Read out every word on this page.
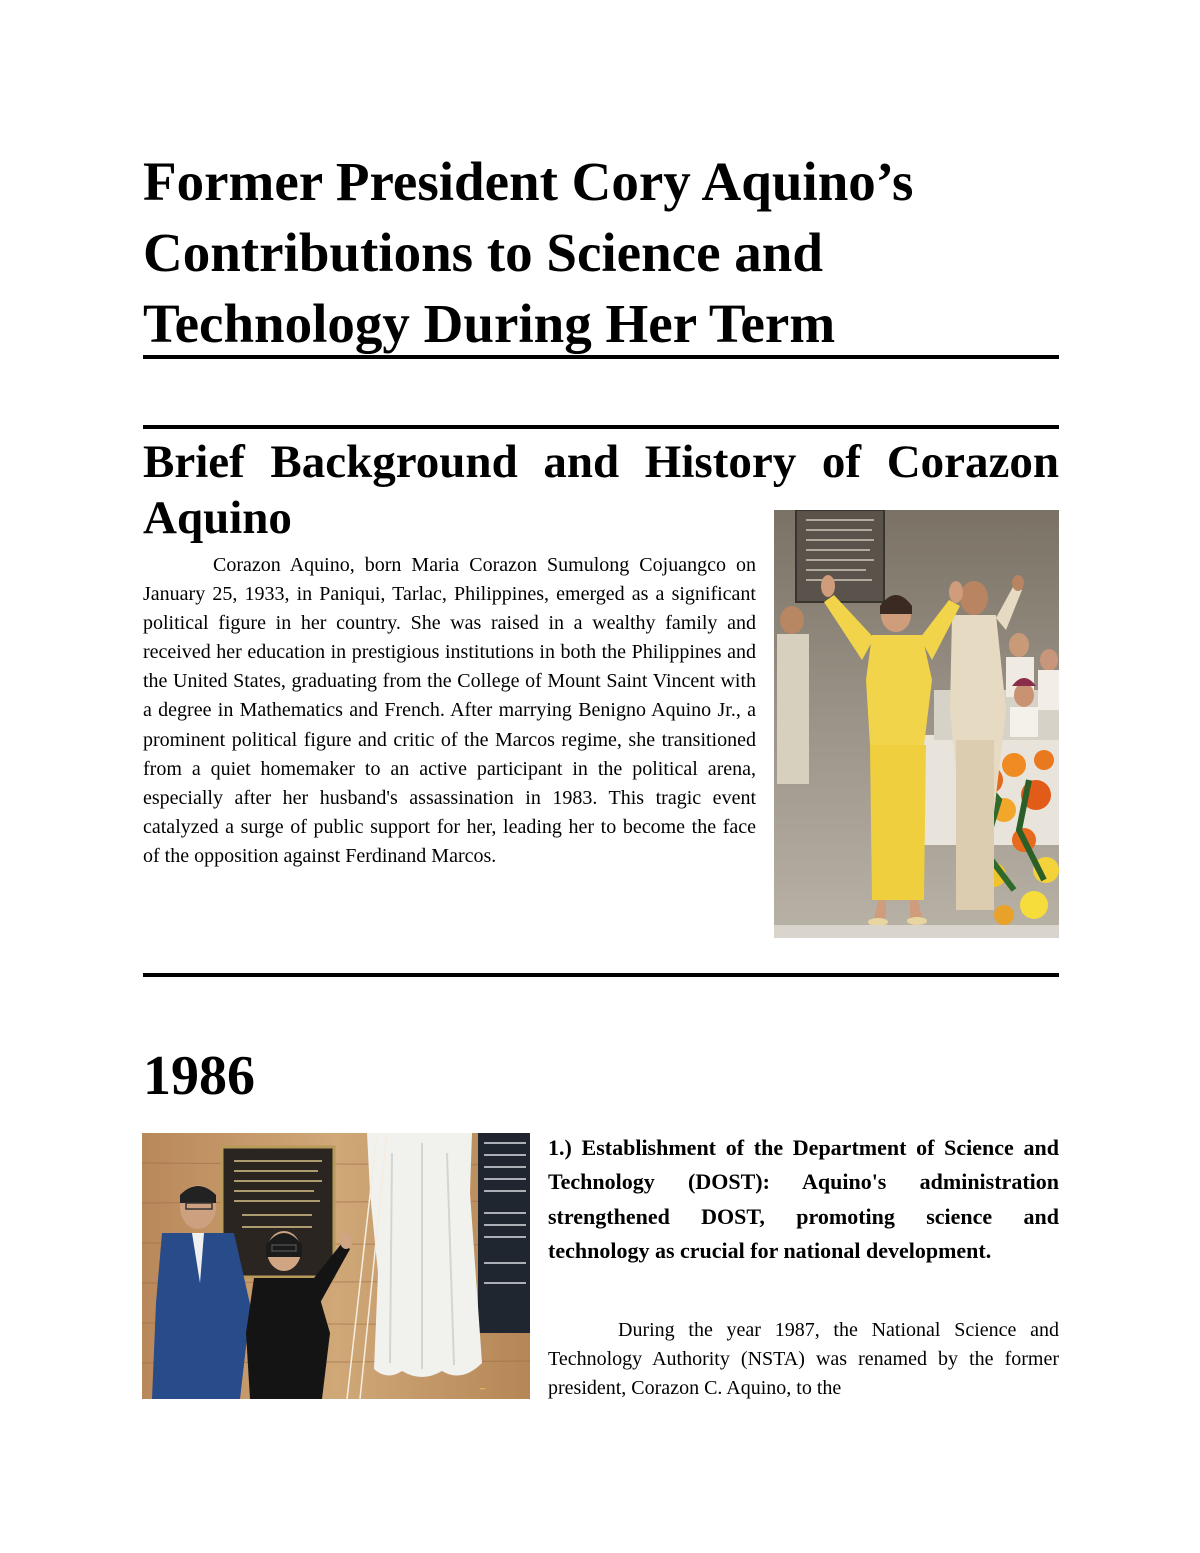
Former President Cory Aquino’s Contributions to Science and Technology During Her Term
Brief Background and History of Corazon
Aquino

Corazon Aquino, born Maria Corazon Sumulong Cojuangco on January 25, 1933, in Paniqui, Tarlac, Philippines, emerged as a significant political figure in her country. She was raised in a wealthy family and received her education in prestigious institutions in both the Philippines and the United States, graduating from the College of Mount Saint Vincent with a degree in Mathematics and French. After marrying Benigno Aquino Jr., a prominent political figure and critic of the Marcos regime, she transitioned from a quiet homemaker to an active participant in the political arena, especially after her husband's assassination in 1983. This tragic event catalyzed a surge of public support for her, leading her to become the face of the opposition against Ferdinand Marcos.

1986
—

1.) Establishment of the Department of Science and Technology (DOST): Aquino's administration strengthened DOST, promoting science and technology as crucial for national development.

During the year 1987, the National Science and Technology Authority (NSTA) was renamed by the former president, Corazon C. Aquino, to the
